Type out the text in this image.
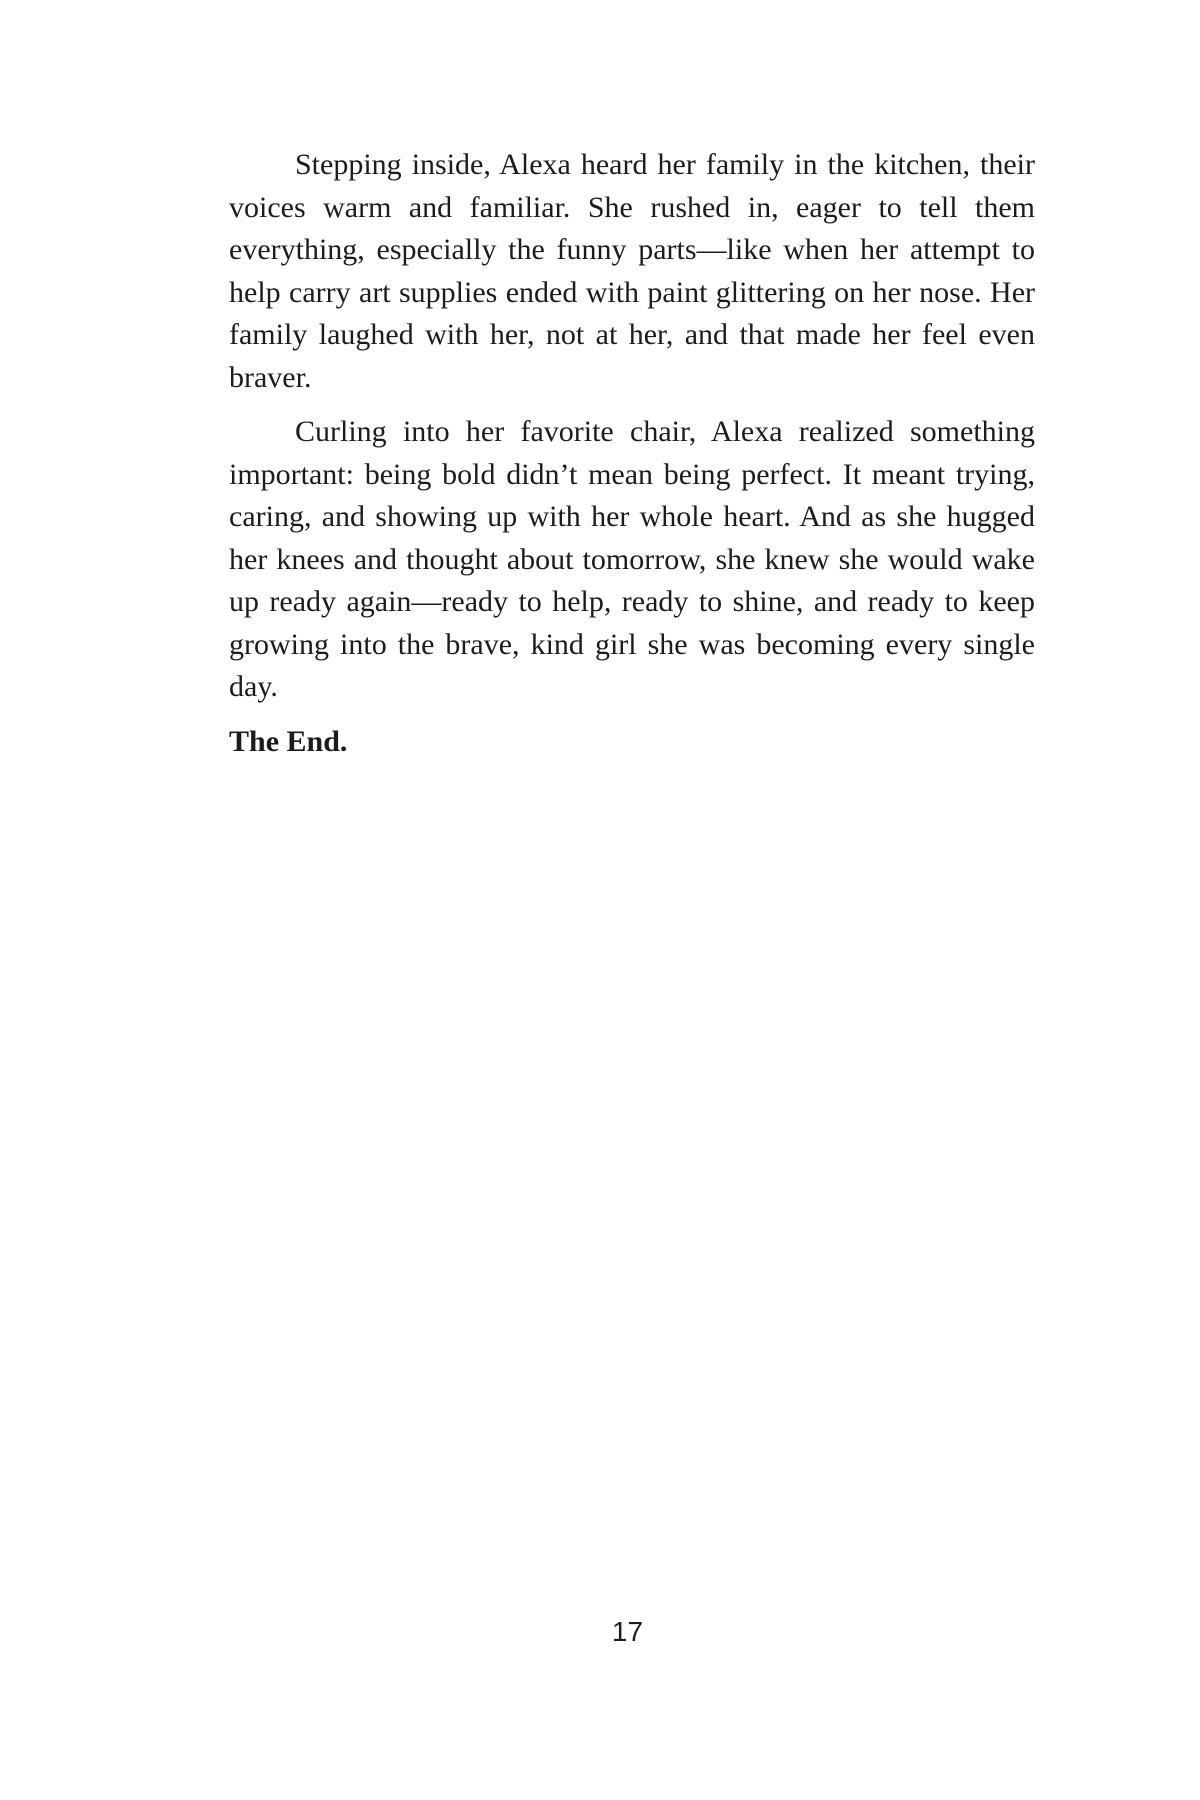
Stepping inside, Alexa heard her family in the kitchen, their voices warm and familiar. She rushed in, eager to tell them everything, especially the funny parts—like when her attempt to help carry art supplies ended with paint glittering on her nose. Her family laughed with her, not at her, and that made her feel even braver.

Curling into her favorite chair, Alexa realized something important: being bold didn’t mean being perfect. It meant trying, caring, and showing up with her whole heart. And as she hugged her knees and thought about tomorrow, she knew she would wake up ready again—ready to help, ready to shine, and ready to keep growing into the brave, kind girl she was becoming every single day.

The End.

17
